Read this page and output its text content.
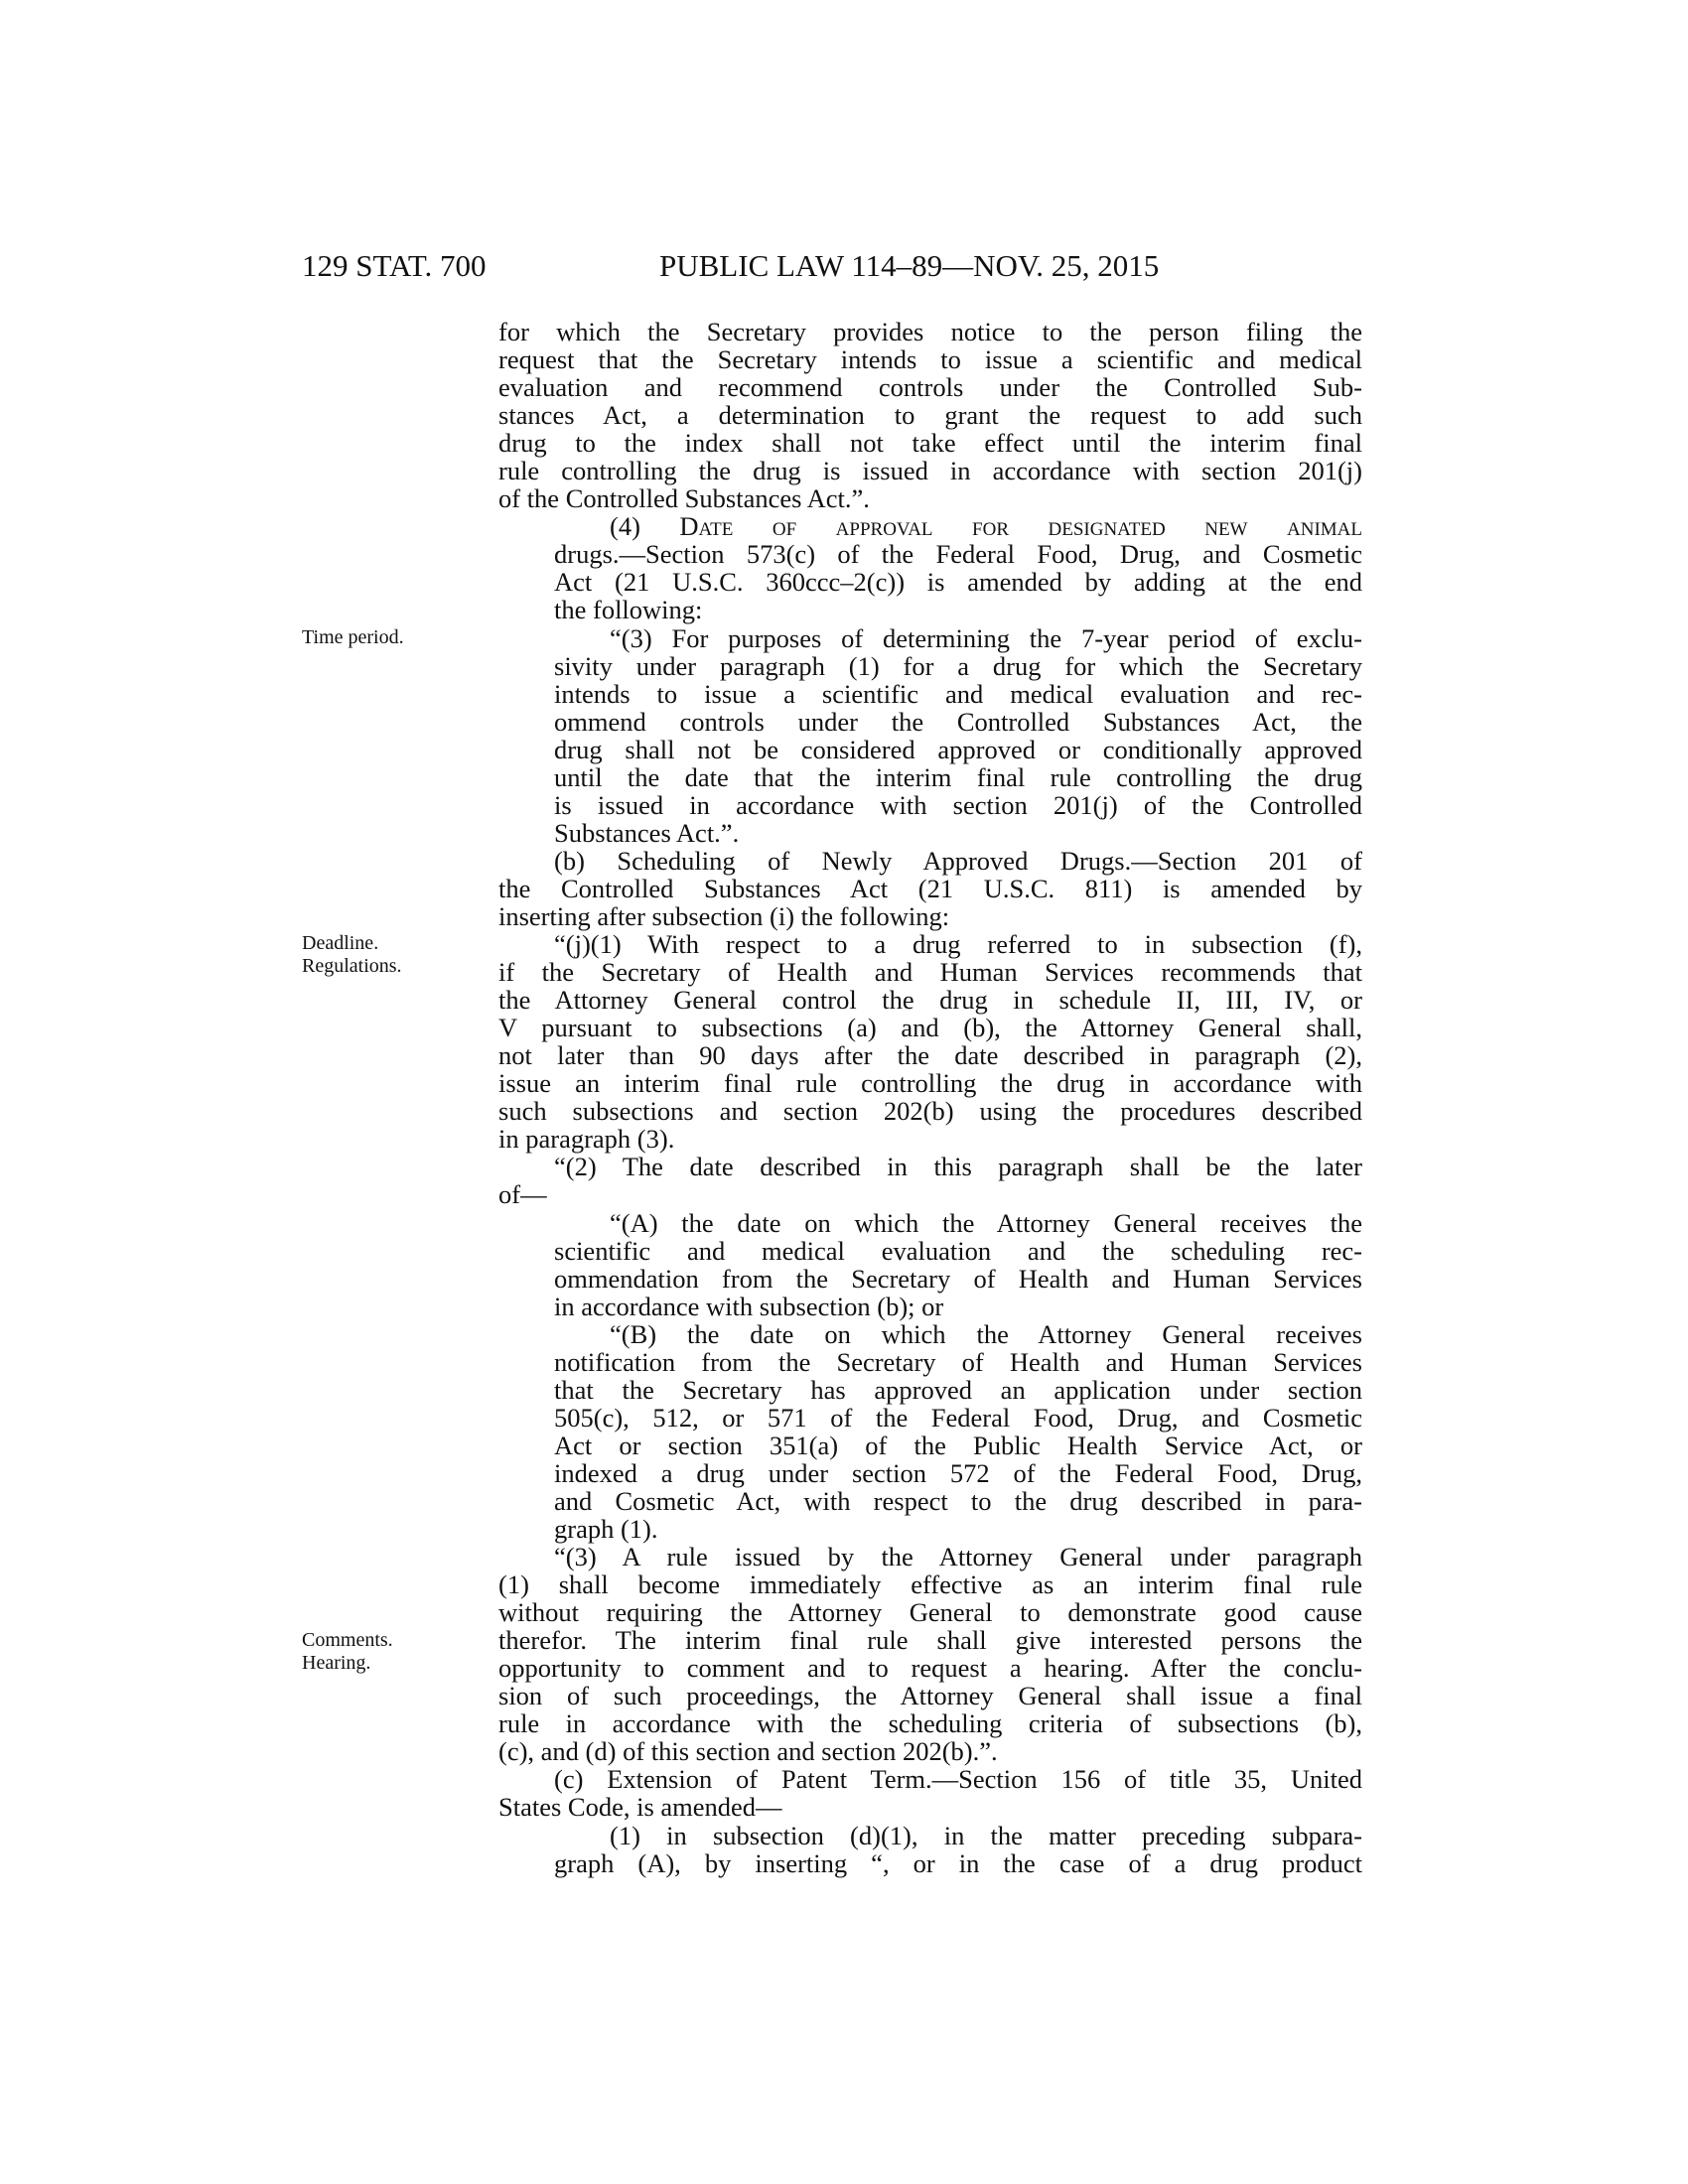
129 STAT. 700	PUBLIC LAW 114–89—NOV. 25, 2015
Time period.
Deadline.
Regulations.
Comments.
Hearing.
for which the Secretary provides notice to the person filing the
request that the Secretary intends to issue a scientific and medical
evaluation and recommend controls under the Controlled Sub-
stances Act, a determination to grant the request to add such
drug to the index shall not take effect until the interim final
rule controlling the drug is issued in accordance with section 201(j)
of the Controlled Substances Act.”.
(4) Date of approval for designated new animal
drugs.—Section 573(c) of the Federal Food, Drug, and Cosmetic
Act (21 U.S.C. 360ccc–2(c)) is amended by adding at the end
the following:
“(3) For purposes of determining the 7-year period of exclu-
sivity under paragraph (1) for a drug for which the Secretary
intends to issue a scientific and medical evaluation and rec-
ommend controls under the Controlled Substances Act, the
drug shall not be considered approved or conditionally approved
until the date that the interim final rule controlling the drug
is issued in accordance with section 201(j) of the Controlled
Substances Act.”.
(b) Scheduling of Newly Approved Drugs.—Section 201 of
the Controlled Substances Act (21 U.S.C. 811) is amended by
inserting after subsection (i) the following:
“(j)(1) With respect to a drug referred to in subsection (f),
if the Secretary of Health and Human Services recommends that
the Attorney General control the drug in schedule II, III, IV, or
V pursuant to subsections (a) and (b), the Attorney General shall,
not later than 90 days after the date described in paragraph (2),
issue an interim final rule controlling the drug in accordance with
such subsections and section 202(b) using the procedures described
in paragraph (3).
“(2) The date described in this paragraph shall be the later
of—
“(A) the date on which the Attorney General receives the
scientific and medical evaluation and the scheduling rec-
ommendation from the Secretary of Health and Human Services
in accordance with subsection (b); or
“(B) the date on which the Attorney General receives
notification from the Secretary of Health and Human Services
that the Secretary has approved an application under section
505(c), 512, or 571 of the Federal Food, Drug, and Cosmetic
Act or section 351(a) of the Public Health Service Act, or
indexed a drug under section 572 of the Federal Food, Drug,
and Cosmetic Act, with respect to the drug described in para-
graph (1).
“(3) A rule issued by the Attorney General under paragraph
(1) shall become immediately effective as an interim final rule
without requiring the Attorney General to demonstrate good cause
therefor. The interim final rule shall give interested persons the
opportunity to comment and to request a hearing. After the conclu-
sion of such proceedings, the Attorney General shall issue a final
rule in accordance with the scheduling criteria of subsections (b),
(c), and (d) of this section and section 202(b).”.
(c) Extension of Patent Term.—Section 156 of title 35, United
States Code, is amended—
(1) in subsection (d)(1), in the matter preceding subpara-
graph (A), by inserting “, or in the case of a drug product
